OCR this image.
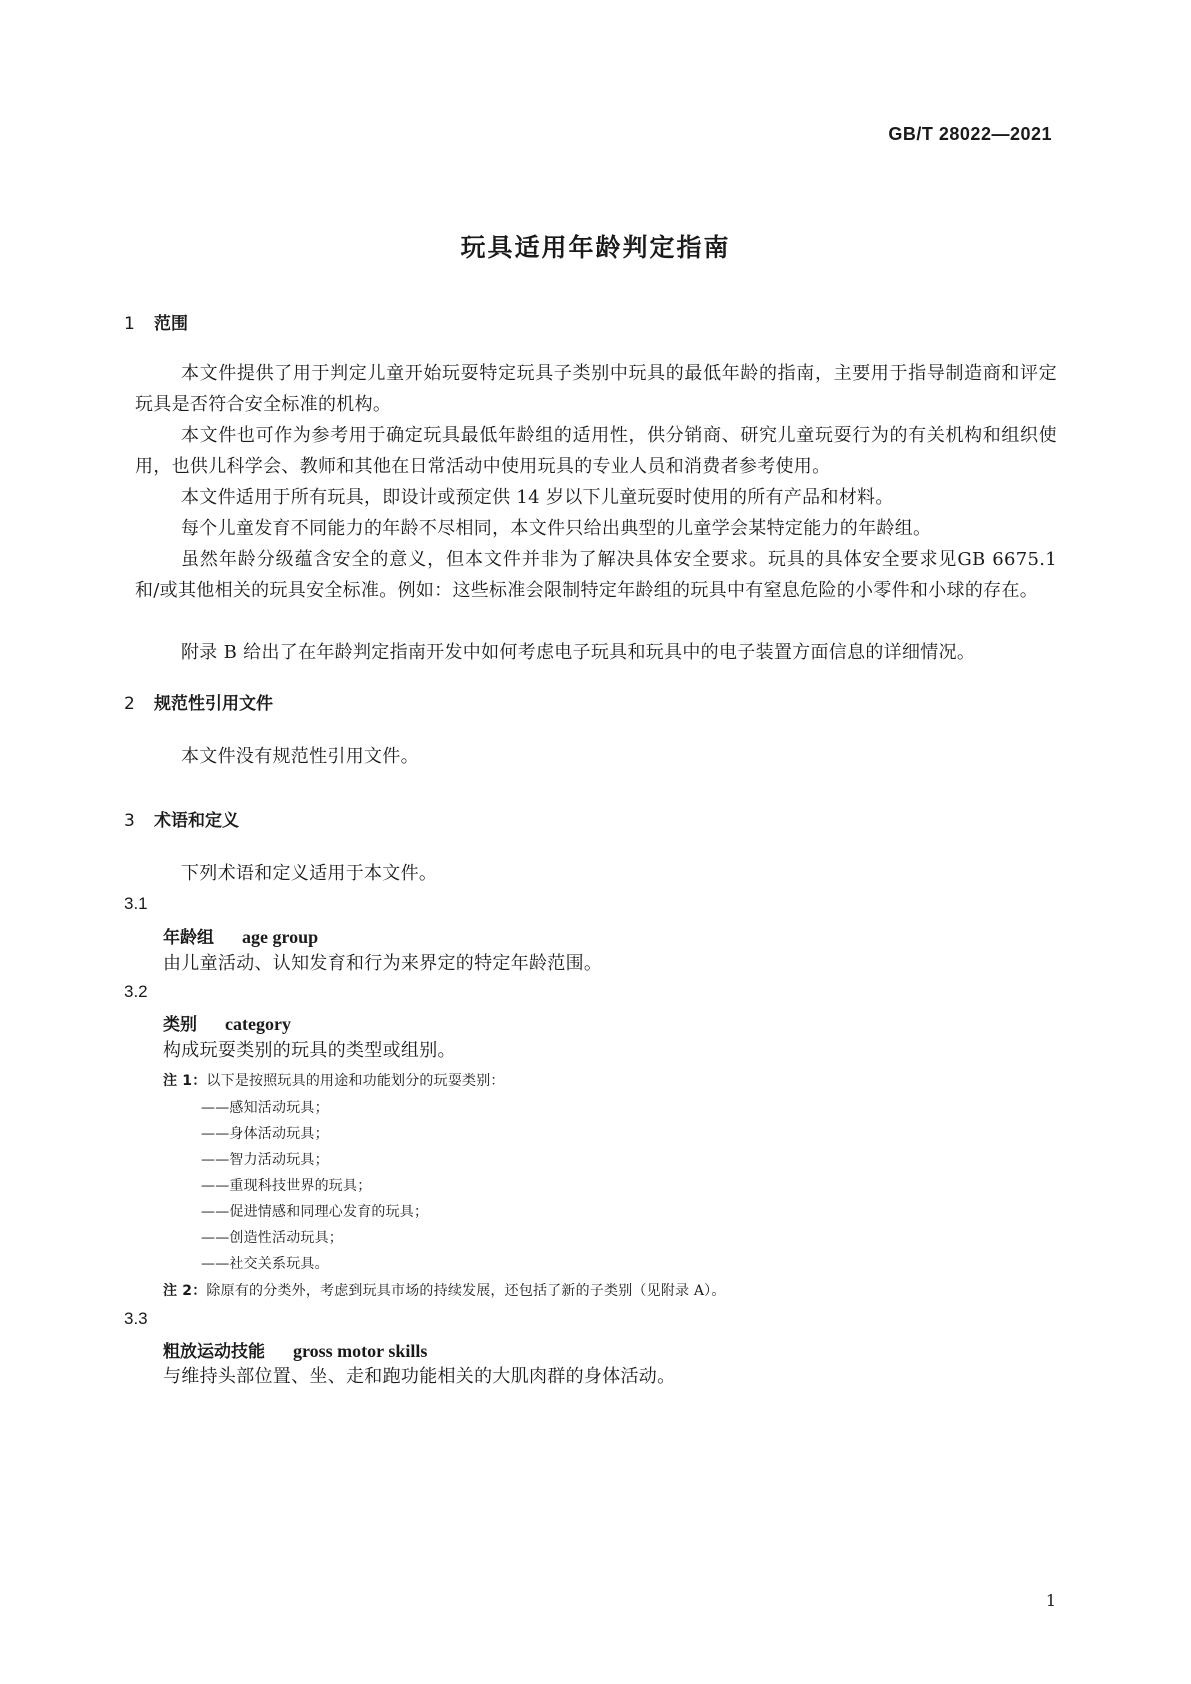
GB/T 28022—2021
玩具适用年龄判定指南
1 范围
本文件提供了用于判定儿童开始玩耍特定玩具子类别中玩具的最低年龄的指南，主要用于指导制造商和评定玩具是否符合安全标准的机构。
本文件也可作为参考用于确定玩具最低年龄组的适用性，供分销商、研究儿童玩耍行为的有关机构和组织使用，也供儿科学会、教师和其他在日常活动中使用玩具的专业人员和消费者参考使用。
本文件适用于所有玩具，即设计或预定供 14 岁以下儿童玩耍时使用的所有产品和材料。
每个儿童发育不同能力的年龄不尽相同，本文件只给出典型的儿童学会某特定能力的年龄组。
虽然年龄分级蕴含安全的意义，但本文件并非为了解决具体安全要求。玩具的具体安全要求见GB 6675.1 和/或其他相关的玩具安全标准。例如：这些标准会限制特定年龄组的玩具中有窒息危险的小零件和小球的存在。
附录 B 给出了在年龄判定指南开发中如何考虑电子玩具和玩具中的电子装置方面信息的详细情况。
2 规范性引用文件
本文件没有规范性引用文件。
3 术语和定义
下列术语和定义适用于本文件。
3.1
年龄组 age group
由儿童活动、认知发育和行为来界定的特定年龄范围。
3.2
类别 category
构成玩耍类别的玩具的类型或组别。
注 1：以下是按照玩具的用途和功能划分的玩耍类别：
——感知活动玩具；
——身体活动玩具；
——智力活动玩具；
——重现科技世界的玩具；
——促进情感和同理心发育的玩具；
——创造性活动玩具；
——社交关系玩具。
注 2：除原有的分类外，考虑到玩具市场的持续发展，还包括了新的子类别（见附录 A）。
3.3
粗放运动技能 gross motor skills
与维持头部位置、坐、走和跑功能相关的大肌肉群的身体活动。
1
